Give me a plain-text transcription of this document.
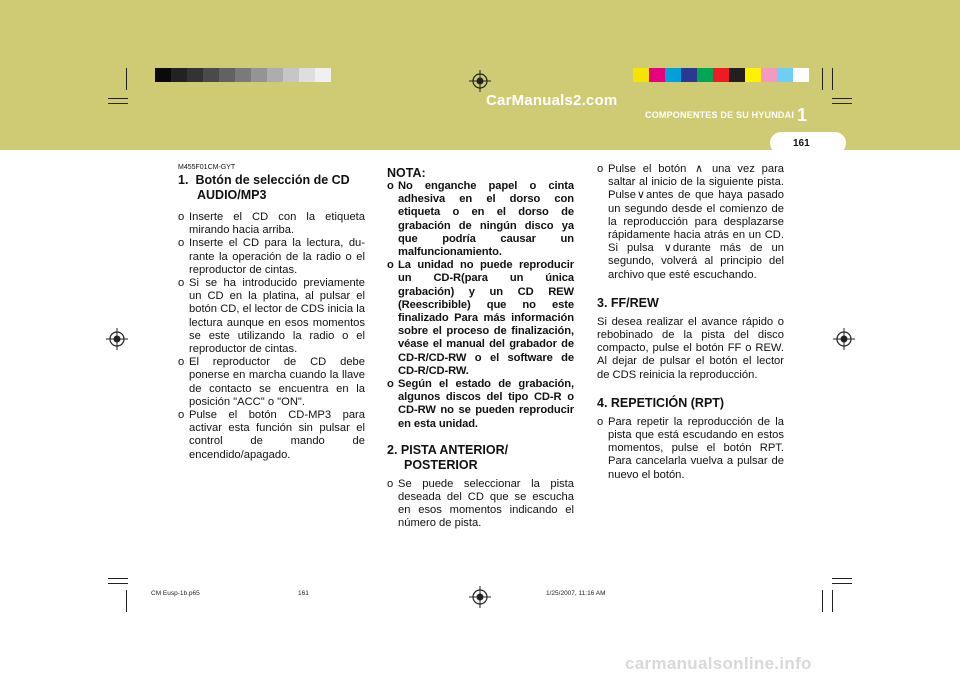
CarManuals2.com
COMPONENTES DE SU HYUNDAI 1
161
M455F01CM-GYT
1. Botón de selección de CD
AUDIO/MP3
o Inserte el CD con la etiqueta mirando hacia arriba.
o Inserte el CD para la lectura, du- rante la operación de la radio o el reproductor de cintas.
o Si se ha introducido previamente un CD en la platina, al pulsar el botón CD, el lector de CDS inicia la lectura aunque en esos momentos se este utilizando la radio o el reproductor de cintas.
o El reproductor de CD debe ponerse en marcha cuando la llave de contacto se encuentra en la posición "ACC" o "ON".
o Pulse el botón CD-MP3 para activar esta función sin pulsar el control de mando de encendido/apagado.
NOTA:
o No enganche papel o cinta adhesiva en el dorso con etiqueta o en el dorso de grabación de ningún disco ya que podría causar un malfuncionamiento.
o La unidad no puede reproducir un CD-R(para un única grabación) y un CD REW (Reescribible) que no este finalizado Para más información sobre el proceso de finalización, véase el manual del grabador de CD-R/CD-RW o el software de CD-R/CD-RW.
o Según el estado de grabación, algunos discos del tipo CD-R o CD-RW no se pueden reproducir en esta unidad.
2. PISTA ANTERIOR/
POSTERIOR
o Se puede seleccionar la pista deseada del CD que se escucha en esos momentos indicando el número de pista.
o Pulse el botón ∧ una vez para saltar al inicio de la siguiente pista. Pulse∨antes de que haya pasado un segundo desde el comienzo de la reproducción para desplazarse rápidamente hacia atrás en un CD. Si pulsa ∨durante más de un segundo, volverá al principio del archivo que esté escuchando.
3. FF/REW
Si desea realizar el avance rápido o rebobinado de la pista del disco compacto, pulse el botón FF o REW. Al dejar de pulsar el botón el lector de CDS reinicia la reproducción.
4. REPETICIÓN (RPT)
o Para repetir la reproducción de la pista que está escudando en estos momentos, pulse el botón RPT. Para cancelarla vuelva a pulsar de nuevo el botón.
CM Eusp-1b.p65	161	1/25/2007, 11:16 AM
carmanualsonline.info
